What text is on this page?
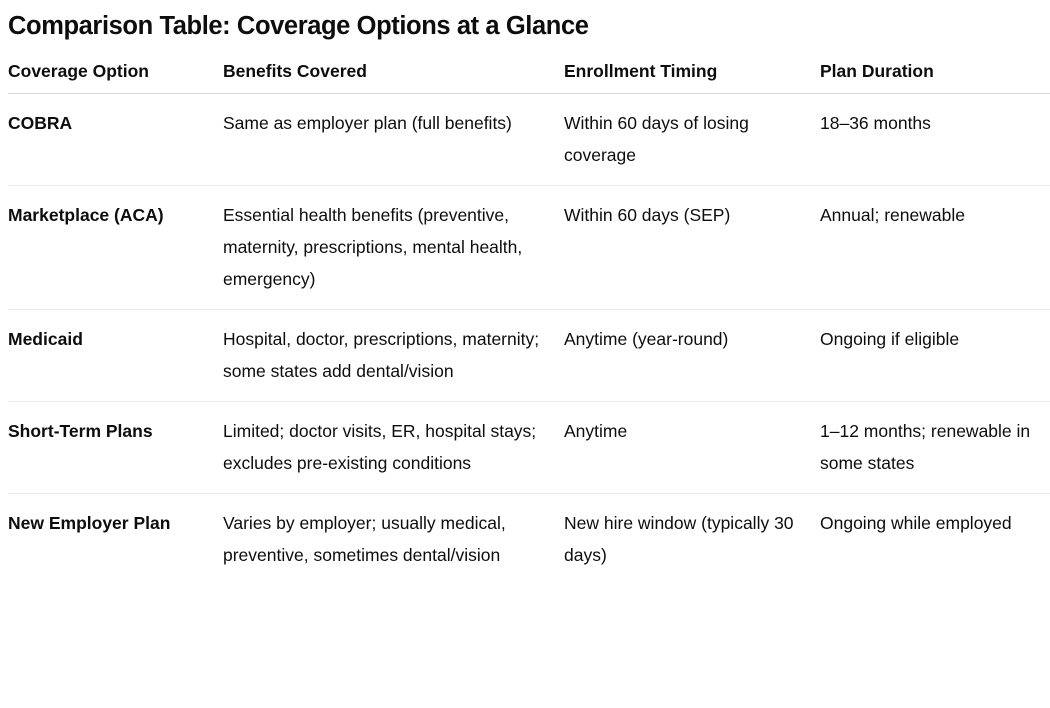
Comparison Table: Coverage Options at a Glance
Coverage Option	Benefits Covered	Enrollment Timing	Plan Duration

COBRA	Same as employer plan (full benefits)	Within 60 days of losing coverage	18–36 months

Marketplace (ACA)	Essential health benefits (preventive, maternity, prescriptions, mental health, emergency)	Within 60 days (SEP)	Annual; renewable

Medicaid	Hospital, doctor, prescriptions, maternity; some states add dental/vision	Anytime (year-round)	Ongoing if eligible

Short-Term Plans	Limited; doctor visits, ER, hospital stays; excludes pre-existing conditions	Anytime	1–12 months; renewable in some states

New Employer Plan	Varies by employer; usually medical, preventive, sometimes dental/vision	New hire window (typically 30 days)	Ongoing while employed
